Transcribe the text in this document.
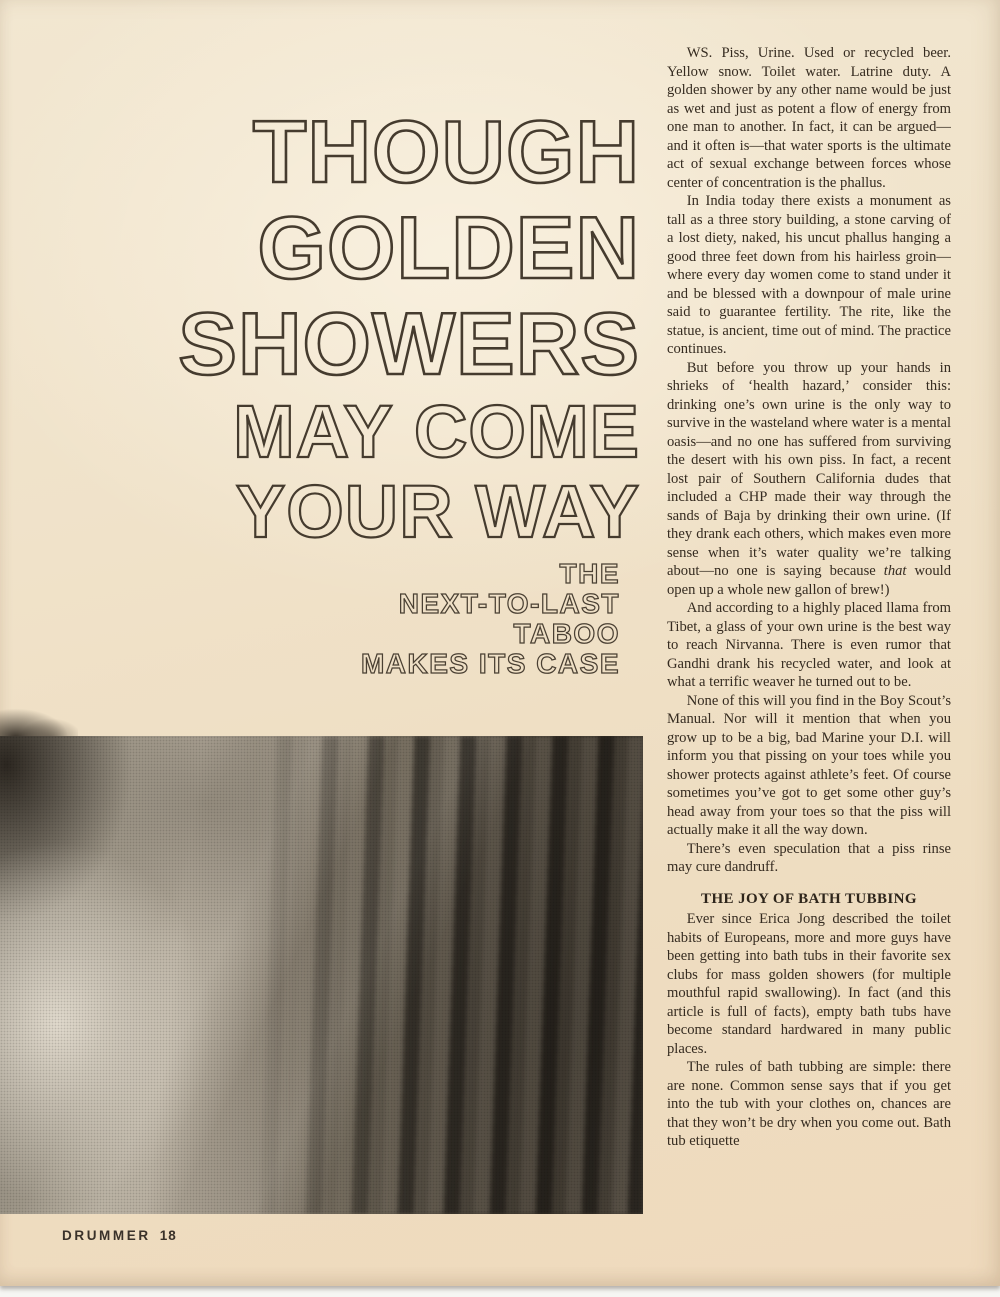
THOUGH
GOLDEN
SHOWERS
MAY COME
YOUR WAY
THE
NEXT-TO-LAST
TABOO
MAKES ITS CASE

WS. Piss, Urine. Used or recycled beer. Yellow snow. Toilet water. Latrine duty. A golden shower by any other name would be just as wet and just as potent a flow of energy from one man to another. In fact, it can be argued—and it often is—that water sports is the ultimate act of sexual exchange between forces whose center of concentration is the phallus.

In India today there exists a monument as tall as a three story building, a stone carving of a lost diety, naked, his uncut phallus hanging a good three feet down from his hairless groin—where every day women come to stand under it and be blessed with a downpour of male urine said to guarantee fertility. The rite, like the statue, is ancient, time out of mind. The practice continues.

But before you throw up your hands in shrieks of ‘health hazard,’ consider this: drinking one’s own urine is the only way to survive in the wasteland where water is a mental oasis—and no one has suffered from surviving the desert with his own piss. In fact, a recent lost pair of Southern California dudes that included a CHP made their way through the sands of Baja by drinking their own urine. (If they drank each others, which makes even more sense when it’s water quality we’re talking about—no one is saying because that would open up a whole new gallon of brew!)

And according to a highly placed llama from Tibet, a glass of your own urine is the best way to reach Nirvanna. There is even rumor that Gandhi drank his recycled water, and look at what a terrific weaver he turned out to be.

None of this will you find in the Boy Scout’s Manual. Nor will it mention that when you grow up to be a big, bad Marine your D.I. will inform you that pissing on your toes while you shower protects against athlete’s feet. Of course sometimes you’ve got to get some other guy’s head away from your toes so that the piss will actually make it all the way down.

There’s even speculation that a piss rinse may cure dandruff.

THE JOY OF BATH TUBBING

Ever since Erica Jong described the toilet habits of Europeans, more and more guys have been getting into bath tubs in their favorite sex clubs for mass golden showers (for multiple mouthful rapid swallowing). In fact (and this article is full of facts), empty bath tubs have become standard hardwared in many public places.

The rules of bath tubbing are simple: there are none. Common sense says that if you get into the tub with your clothes on, chances are that they won’t be dry when you come out. Bath tub etiquette

DRUMMER 18
